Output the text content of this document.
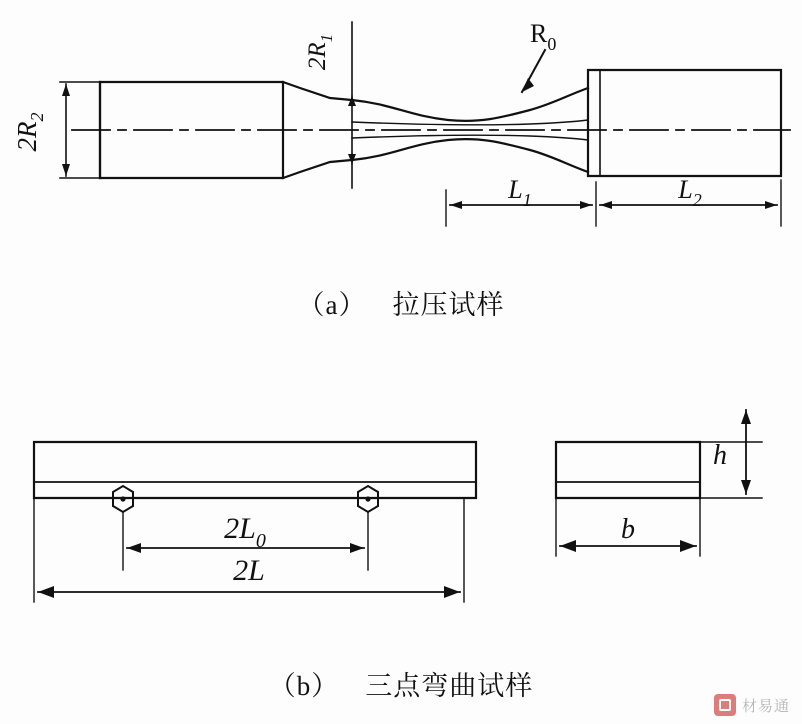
$2R_2$
$2R_1$	$R_0$
$L_1$	$L_2$
（a） 拉压试样
$2L_0$
2L
h
b
（b） 三点弯曲试样
材易通
